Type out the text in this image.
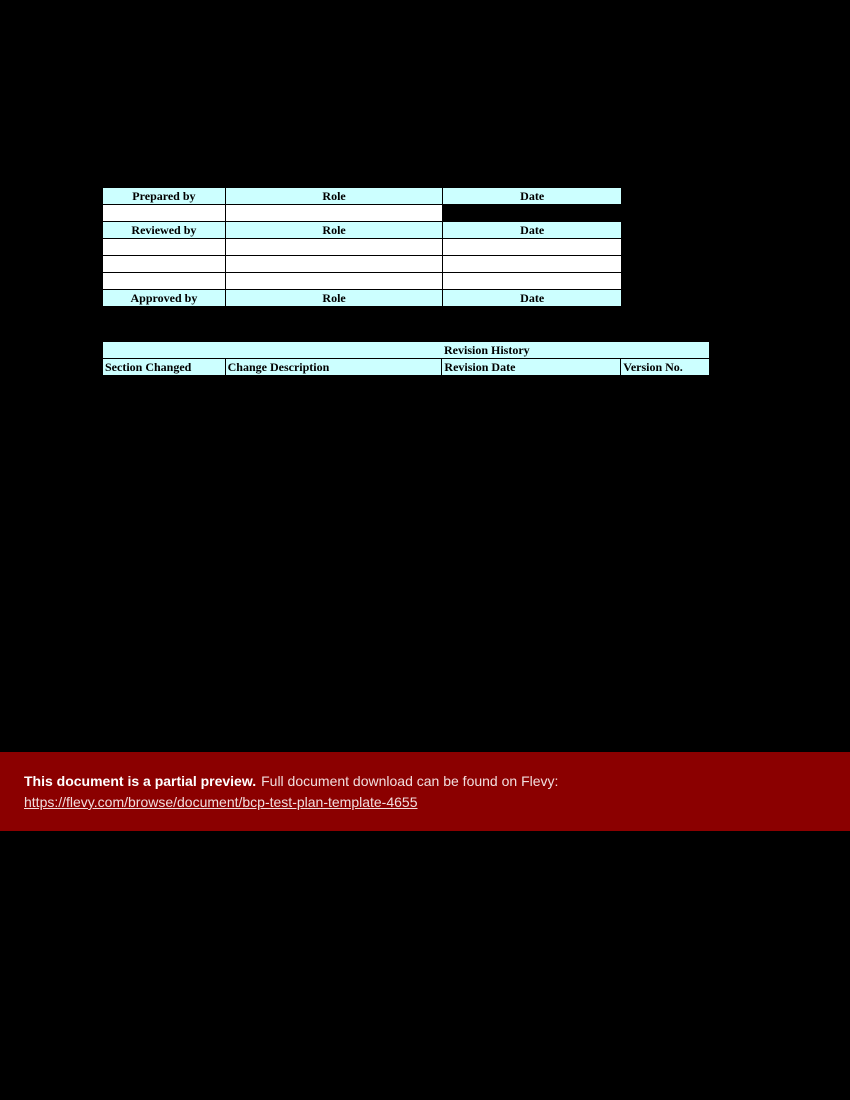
Prepared by	Role	Date

Reviewed by	Role	Date

Approved by	Role	Date
Revision History
Section Changed	Change Description	Revision Date	Version No.
This document is a partial preview. Full document download can be found on Flevy:
https://flevy.com/browse/document/bcp-test-plan-template-4655
